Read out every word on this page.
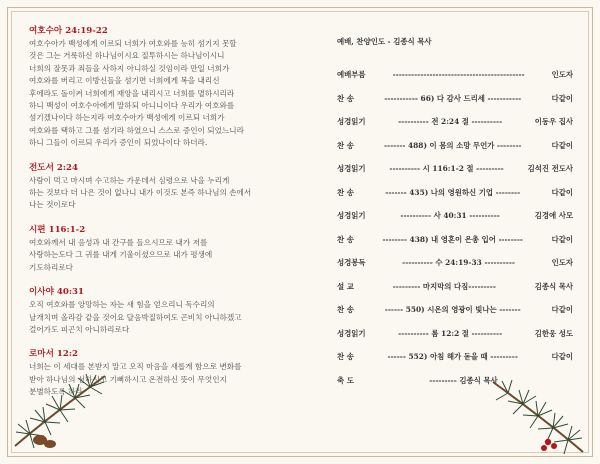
여호수아 24:19-22
여호수아가 백성에게 이르되 너희가 여호와를 능히 섬기지 못할
것은 그는 거룩하신 하나님이시요 질투하시는 하나님이시니
너희의 잘못과 죄들을 사하지 아니하실 것임이라 만일 너희가
여호와를 버리고 이방신들을 섬기면 너희에게 복을 내리신
후에라도 돌이켜 너희에게 재앙을 내리시고 너희를 멸하시리라
하니 백성이 여호수아에게 말하되 아니니이다 우리가 여호와를
섬기겠나이다 하는지라 여호수아가 백성에게 이르되 너희가
여호와를 택하고 그를 섬기라 하였으니 스스로 증인이 되었느니라
하니 그들이 이르되 우리가 증인이 되었나이다 하더라.
전도서 2:24
사람이 먹고 마시며 수고하는 가운데서 심령으로 낙을 누리게
하는 것보다 더 나은 것이 없나니 내가 이것도 본즉 하나님의 손에서
나는 것이로다
시편 116:1-2
여호와께서 내 음성과 내 간구를 들으시므로 내가 저를
사랑하는도다 그 귀를 내게 기울이셨으므로 내가 평생에
기도하리로다
이사야 40:31
오직 여호와를 앙망하는 자는 새 힘을 얻으리니 독수리의
날개치며 올라감 같을 것이요 달음박질하여도 곤비치 아니하겠고
걸어가도 피곤치 아니하리로다
로마서 12:2
너희는 이 세대를 본받지 말고 오직 마음을 새롭게 함으로 변화를
받아 하나님의 선하시고 기뻐하시고 온전하신 뜻이 무엇인지
분별하도록 하라
예배, 찬양인도 - 김종식 목사
예배부름	-------------------------------------------	인도자
찬 송	----------- 66) 다 감사 드리세 -----------	다같이
성경읽기	---------- 전 2:24 절 ----------	이동우 집사
찬 송	------- 488) 이 몸의 소망 무언가 --------	다같이
성경읽기	---------- 시 116:1-2 절 ---------	김석진 전도사
찬 송	------- 435) 나의 영원하신 기업 --------	다같이
성경읽기	---------- 사 40:31 ----------	김경애 사모
찬 송	-------- 438) 내 영혼이 은총 입어 --------	다같이
성경봉독	---------- 수 24:19-33 ----------	인도자
설 교	--------- 마지막의 다짐---------	김종식 목사
찬 송	------ 550) 시온의 영광이 빛나는 -------	다같이
성경읽기	---------- 롬 12:2 절 ----------	김한웅 성도
찬 송	------ 552) 아침 해가 돋을 때 ---------	다같이
축 도	--------- 김종식 목사
